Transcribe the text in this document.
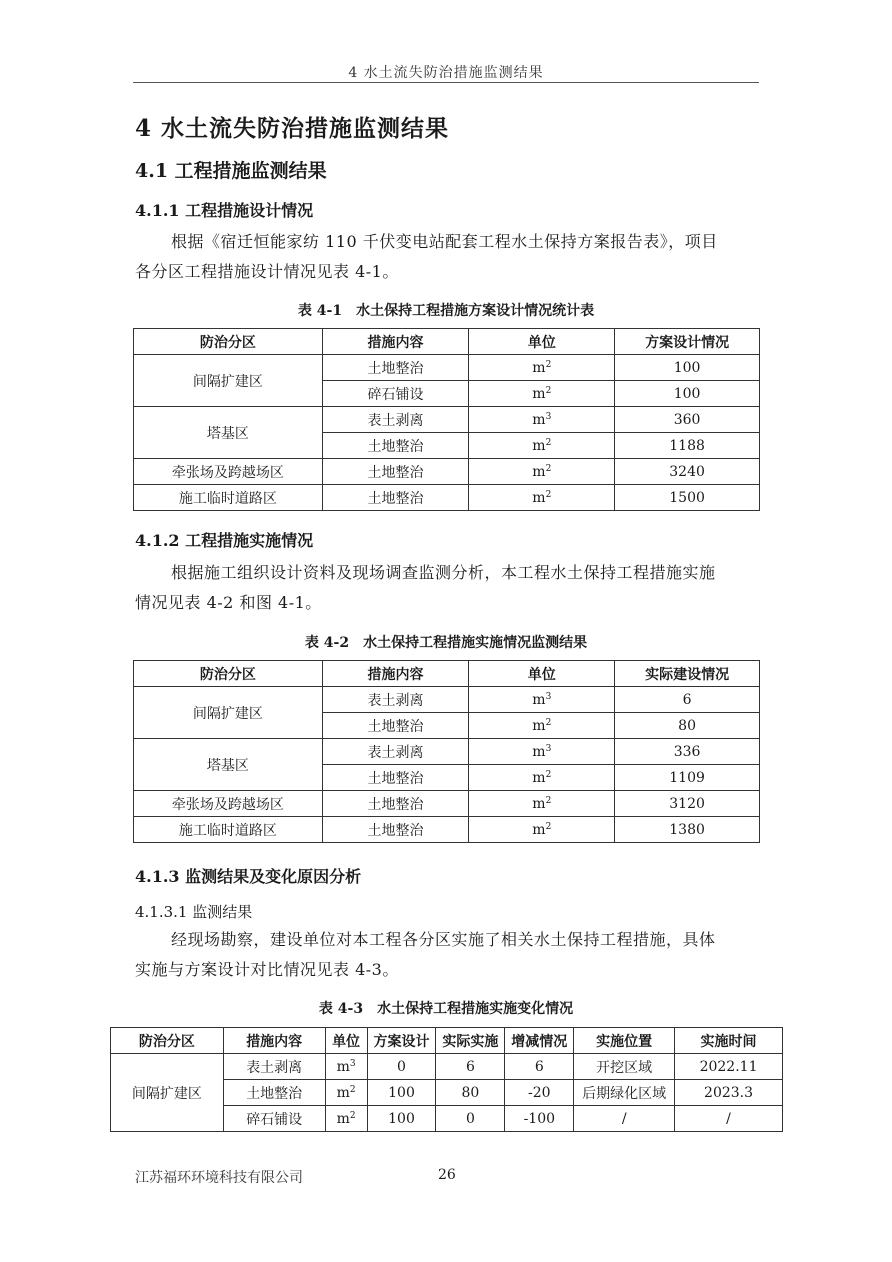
4 水土流失防治措施监测结果
4 水土流失防治措施监测结果
4.1 工程措施监测结果
4.1.1 工程措施设计情况

根据《宿迁恒能家纺 110 千伏变电站配套工程水土保持方案报告表》，项目

各分区工程措施设计情况见表 4-1。

表 4-1　水土保持工程措施方案设计情况统计表
防治分区	措施内容	单位	方案设计情况
间隔扩建区	土地整治	$m^2$	100
	碎石铺设	$m^2$	100
塔基区	表土剥离	$m^3$	360
	土地整治	$m^2$	1188
牵张场及跨越场区	土地整治	$m^2$	3240
施工临时道路区	土地整治	$m^2$	1500
4.1.2 工程措施实施情况

根据施工组织设计资料及现场调查监测分析，本工程水土保持工程措施实施

情况见表 4-2 和图 4-1。

表 4-2　水土保持工程措施实施情况监测结果
防治分区	措施内容	单位	实际建设情况
间隔扩建区	表土剥离	$m^3$	6
	土地整治	$m^2$	80
塔基区	表土剥离	$m^3$	336
	土地整治	$m^2$	1109
牵张场及跨越场区	土地整治	$m^2$	3120
施工临时道路区	土地整治	$m^2$	1380
4.1.3 监测结果及变化原因分析
4.1.3.1 监测结果

经现场勘察，建设单位对本工程各分区实施了相关水土保持工程措施，具体

实施与方案设计对比情况见表 4-3。

表 4-3　水土保持工程措施实施变化情况
防治分区	措施内容	单位	方案设计	实际实施	增减情况	实施位置	实施时间
间隔扩建区	表土剥离	$m^3$	0	6	6	开挖区域	2022.11
	土地整治	$m^2$	100	80	-20	后期绿化区域	2023.3
	碎石铺设	$m^2$	100	0	-100	/	/
江苏福环环境科技有限公司	26
